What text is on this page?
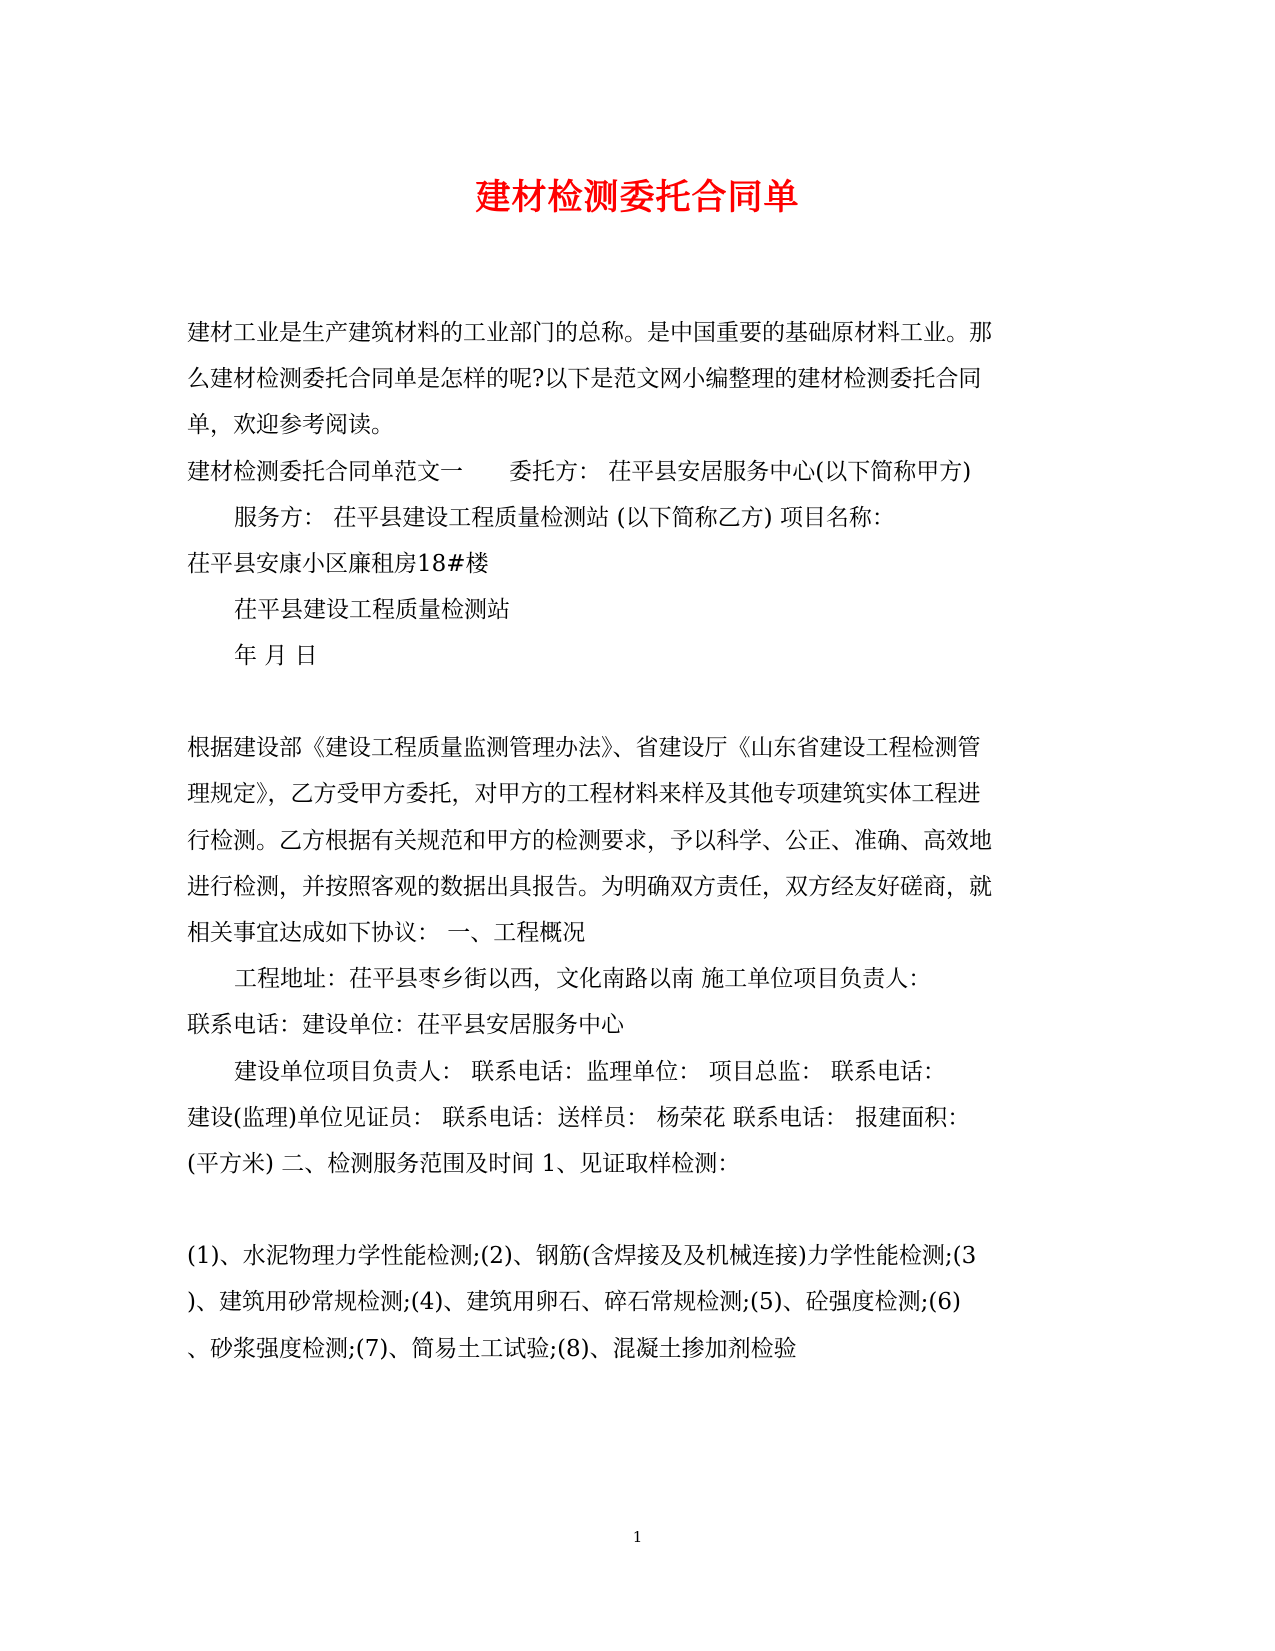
建材检测委托合同单
建材工业是生产建筑材料的工业部门的总称。是中国重要的基础原材料工业。那
么建材检测委托合同单是怎样的呢?以下是范文网小编整理的建材检测委托合同
单，欢迎参考阅读。
建材检测委托合同单范文一　　委托方： 茌平县安居服务中心(以下简称甲方)
服务方： 茌平县建设工程质量检测站 (以下简称乙方) 项目名称：
茌平县安康小区廉租房18#楼
茌平县建设工程质量检测站
年 月 日
根据建设部《建设工程质量监测管理办法》、省建设厅《山东省建设工程检测管
理规定》，乙方受甲方委托，对甲方的工程材料来样及其他专项建筑实体工程进
行检测。乙方根据有关规范和甲方的检测要求，予以科学、公正、准确、高效地
进行检测，并按照客观的数据出具报告。为明确双方责任，双方经友好磋商，就
相关事宜达成如下协议： 一、工程概况
工程地址：茌平县枣乡街以西，文化南路以南 施工单位项目负责人：
联系电话：建设单位：茌平县安居服务中心
建设单位项目负责人： 联系电话：监理单位： 项目总监： 联系电话：
建设(监理)单位见证员： 联系电话：送样员： 杨荣花 联系电话： 报建面积：
(平方米) 二、检测服务范围及时间 1、见证取样检测：
(1)、水泥物理力学性能检测;(2)、钢筋(含焊接及及机械连接)力学性能检测;(3
)、建筑用砂常规检测;(4)、建筑用卵石、碎石常规检测;(5)、砼强度检测;(6)
、砂浆强度检测;(7)、简易土工试验;(8)、混凝土掺加剂检验
1
